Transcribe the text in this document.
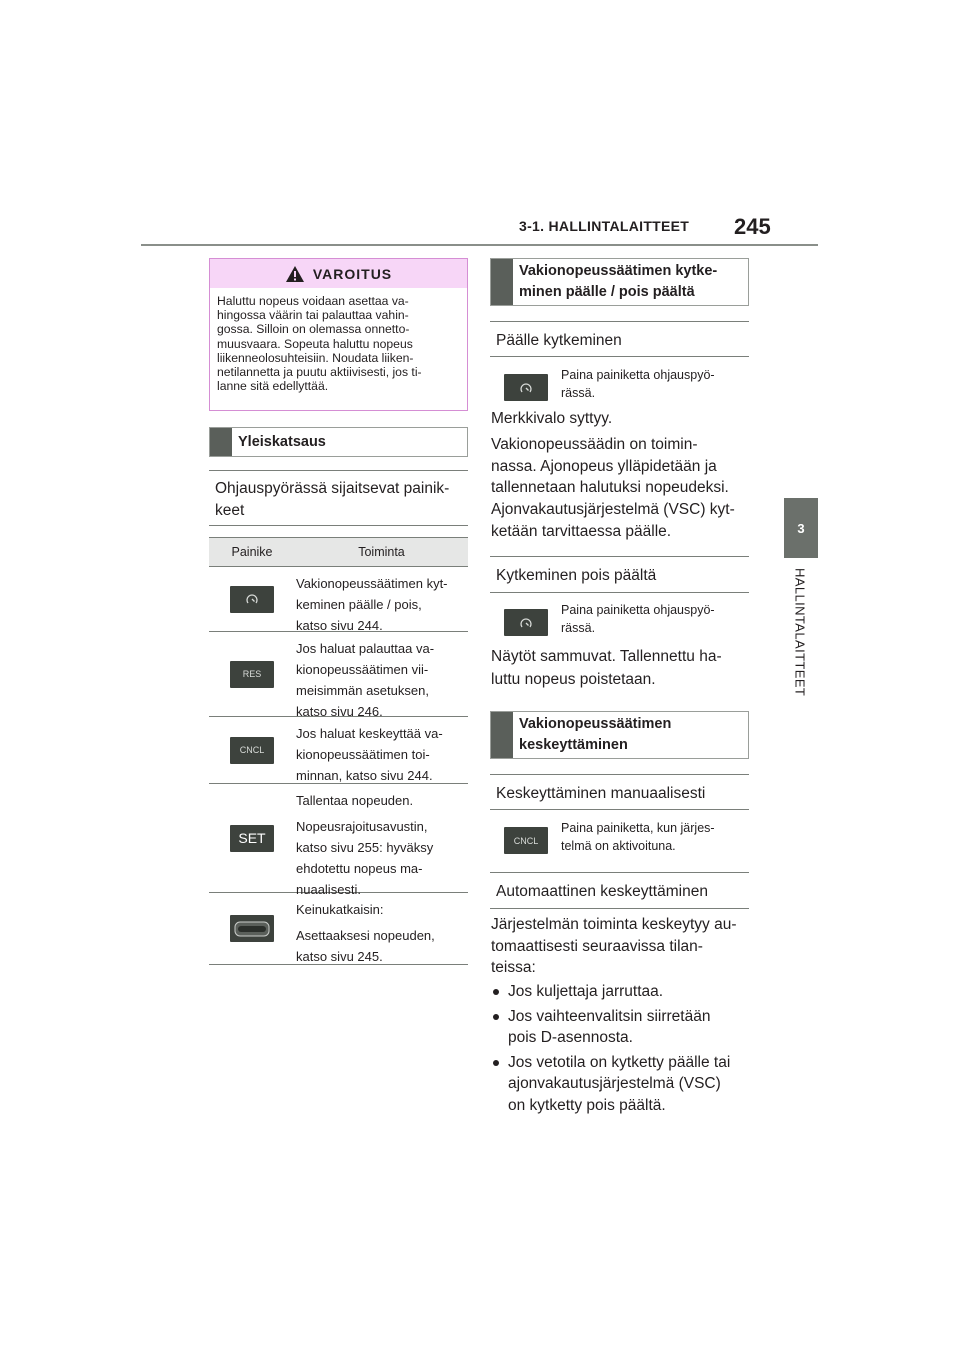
3-1. HALLINTALAITTEET 245
3
HALLINTALAITTEET
VAROITUS
Haluttu nopeus voidaan asettaa va-
hingossa väärin tai palauttaa vahin-
gossa. Silloin on olemassa onnetto-
muusvaara. Sopeuta haluttu nopeus
liikenneolosuhteisiin. Noudata liiken-
netilannetta ja puutu aktiivisesti, jos ti-
lanne sitä edellyttää.
Yleiskatsaus
Ohjauspyörässä sijaitsevat painik-
keet
Painike	Toiminta
Vakionopeussäätimen kyt-
keminen päälle / pois,
katso sivu 244.
RES
Jos haluat palauttaa va-
kionopeussäätimen vii-
meisimmän asetuksen,
katso sivu 246.
CNCL
Jos haluat keskeyttää va-
kionopeussäätimen toi-
minnan, katso sivu 244.
SET
Tallentaa nopeuden.
Nopeusrajoitusavustin,
katso sivu 255: hyväksy
ehdotettu nopeus ma-
nuaalisesti.
Keinukatkaisin:
Asettaaksesi nopeuden,
katso sivu 245.
Vakionopeussäätimen kytke-
minen päälle / pois päältä
Päälle kytkeminen
Paina painiketta ohjauspyö-
rässä.
Merkkivalo syttyy.
Vakionopeussäädin on toimin-
nassa. Ajonopeus ylläpidetään ja
tallennetaan halutuksi nopeudeksi.
Ajonvakautusjärjestelmä (VSC) kyt-
ketään tarvittaessa päälle.
Kytkeminen pois päältä
Paina painiketta ohjauspyö-
rässä.
Näytöt sammuvat. Tallennettu ha-
luttu nopeus poistetaan.
Vakionopeussäätimen
keskeyttäminen
Keskeyttäminen manuaalisesti
CNCL
Paina painiketta, kun järjes-
telmä on aktivoituna.
Automaattinen keskeyttäminen
Järjestelmän toiminta keskeytyy au-
tomaattisesti seuraavissa tilan-
teissa:
Jos kuljettaja jarruttaa.
Jos vaihteenvalitsin siirretään
pois D-asennosta.
Jos vetotila on kytketty päälle tai
ajonvakautusjärjestelmä (VSC)
on kytketty pois päältä.
